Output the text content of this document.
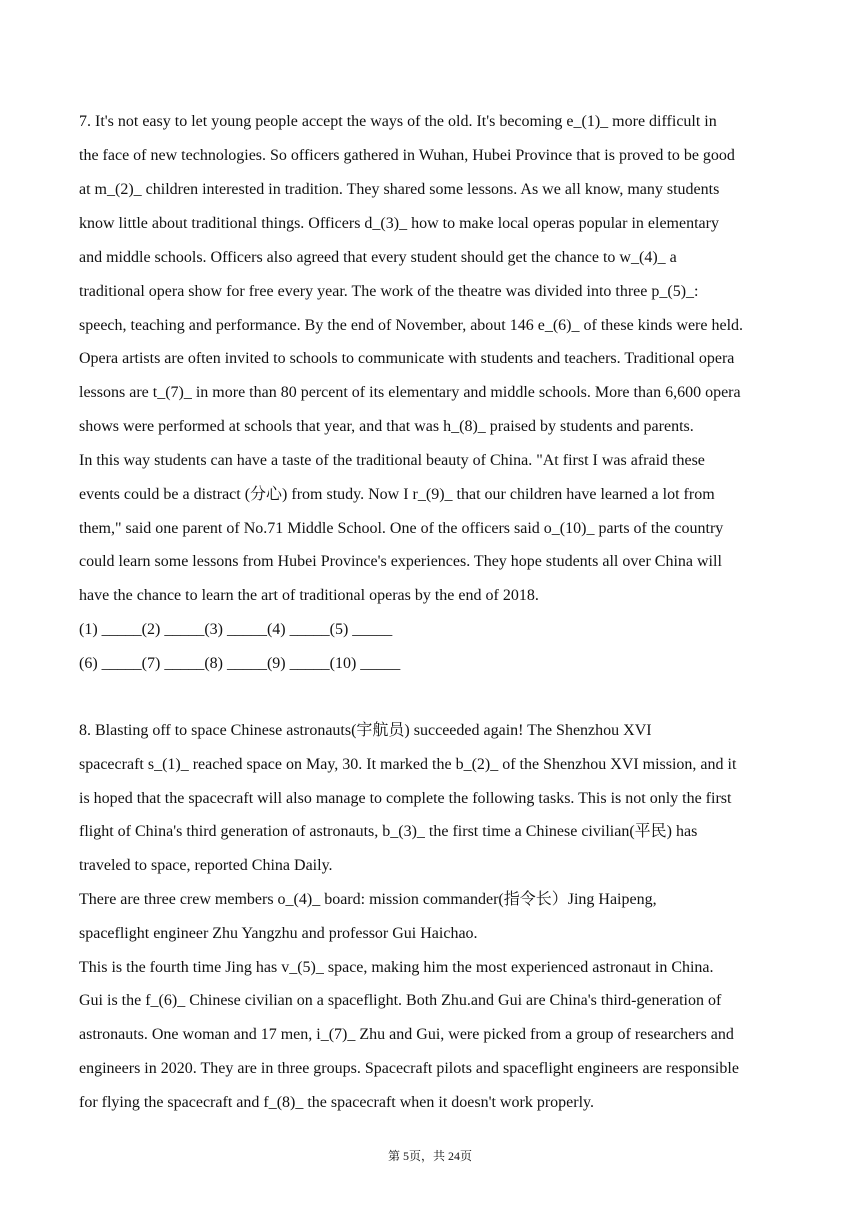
7. It's not easy to let young people accept the ways of the old. It's becoming e_(1)_ more difficult in
the face of new technologies. So officers gathered in Wuhan, Hubei Province that is proved to be good
at m_(2)_ children interested in tradition. They shared some lessons. As we all know, many students
know little about traditional things. Officers d_(3)_ how to make local operas popular in elementary
and middle schools. Officers also agreed that every student should get the chance to w_(4)_ a
traditional opera show for free every year. The work of the theatre was divided into three p_(5)_:
speech, teaching and performance. By the end of November, about 146 e_(6)_ of these kinds were held.
Opera artists are often invited to schools to communicate with students and teachers. Traditional opera
lessons are t_(7)_ in more than 80 percent of its elementary and middle schools. More than 6,600 opera
shows were performed at schools that year, and that was h_(8)_ praised by students and parents.
In this way students can have a taste of the traditional beauty of China. "At first I was afraid these
events could be a distract (分心) from study. Now I r_(9)_ that our children have learned a lot from
them," said one parent of No.71 Middle School. One of the officers said o_(10)_ parts of the country
could learn some lessons from Hubei Province's experiences. They hope students all over China will
have the chance to learn the art of traditional operas by the end of 2018.
(1) _____(2) _____(3) _____(4) _____(5) _____
(6) _____(7) _____(8) _____(9) _____(10) _____
8. Blasting off to space Chinese astronauts(宇航员) succeeded again! The Shenzhou XVI
spacecraft s_(1)_ reached space on May, 30. It marked the b_(2)_ of the Shenzhou XVI mission, and it
is hoped that the spacecraft will also manage to complete the following tasks. This is not only the first
flight of China's third generation of astronauts, b_(3)_ the first time a Chinese civilian(平民) has
traveled to space, reported China Daily.
There are three crew members o_(4)_ board: mission commander(指令长）Jing Haipeng,
spaceflight engineer Zhu Yangzhu and professor Gui Haichao.
This is the fourth time Jing has v_(5)_ space, making him the most experienced astronaut in China.
Gui is the f_(6)_ Chinese civilian on a spaceflight. Both Zhu.and Gui are China's third-generation of
astronauts. One woman and 17 men, i_(7)_ Zhu and Gui, were picked from a group of researchers and
engineers in 2020. They are in three groups. Spacecraft pilots and spaceflight engineers are responsible
for flying the spacecraft and f_(8)_ the spacecraft when it doesn't work properly.
第 5页，共 24页
